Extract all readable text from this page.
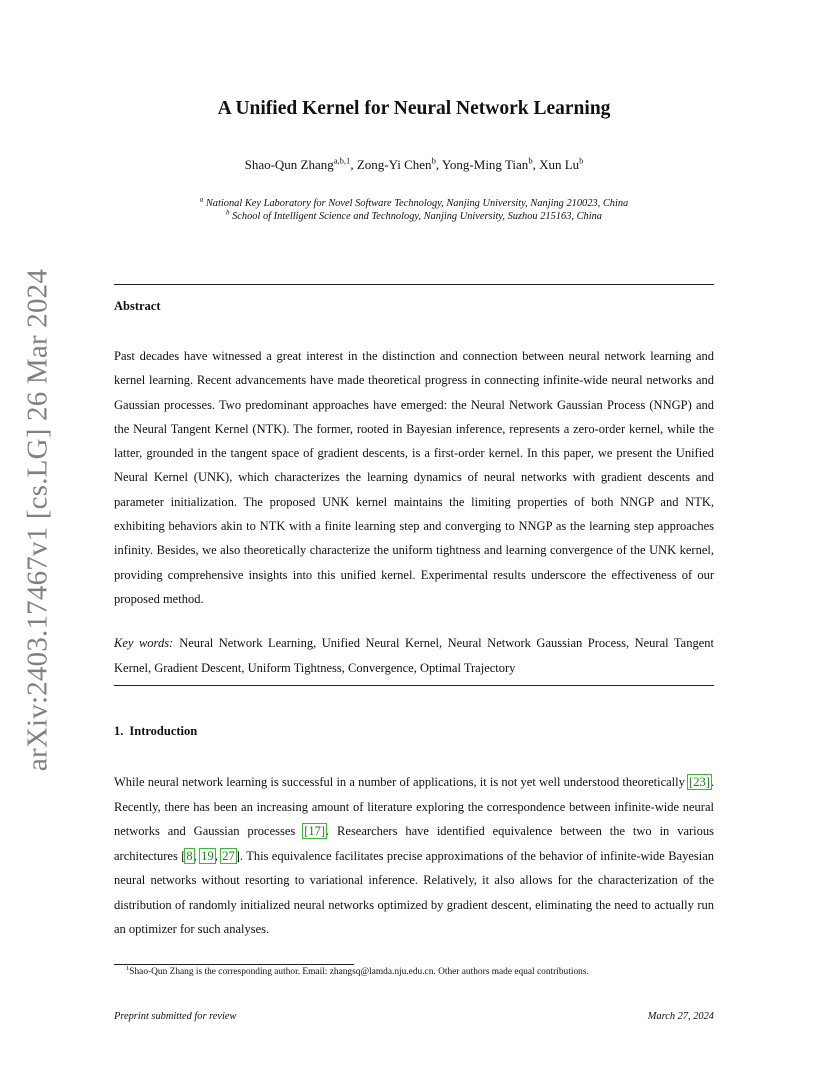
arXiv:2403.17467v1 [cs.LG] 26 Mar 2024
A Unified Kernel for Neural Network Learning
Shao-Qun Zhang$^{a,b,1}$, Zong-Yi Chen$^b$, Yong-Ming Tian$^b$, Xun Lu$^b$
$^a$ National Key Laboratory for Novel Software Technology, Nanjing University, Nanjing 210023, China
$^b$ School of Intelligent Science and Technology, Nanjing University, Suzhou 215163, China
Abstract
Past decades have witnessed a great interest in the distinction and connection between neural network learning and kernel learning. Recent advancements have made theoretical progress in connecting infinite-wide neural networks and Gaussian processes. Two predominant approaches have emerged: the Neural Network Gaussian Process (NNGP) and the Neural Tangent Kernel (NTK). The former, rooted in Bayesian inference, represents a zero-order kernel, while the latter, grounded in the tangent space of gradient descents, is a first-order kernel. In this paper, we present the Unified Neural Kernel (UNK), which characterizes the learning dynamics of neural networks with gradient descents and parameter initialization. The proposed UNK kernel maintains the limiting properties of both NNGP and NTK, exhibiting behaviors akin to NTK with a finite learning step and converging to NNGP as the learning step approaches infinity. Besides, we also theoretically characterize the uniform tightness and learning convergence of the UNK kernel, providing comprehensive insights into this unified kernel. Experimental results underscore the effectiveness of our proposed method.
Key words: Neural Network Learning, Unified Neural Kernel, Neural Network Gaussian Process, Neural Tangent Kernel, Gradient Descent, Uniform Tightness, Convergence, Optimal Trajectory
1. Introduction
While neural network learning is successful in a number of applications, it is not yet well understood theoretically [23]. Recently, there has been an increasing amount of literature exploring the correspondence between infinite-wide neural networks and Gaussian processes [17]. Researchers have identified equivalence between the two in various architectures [8, 19, 27]. This equivalence facilitates precise approximations of the behavior of infinite-wide Bayesian neural networks without resorting to variational inference. Relatively, it also allows for the characterization of the distribution of randomly initialized neural networks optimized by gradient descent, eliminating the need to actually run an optimizer for such analyses.
$^1$Shao-Qun Zhang is the corresponding author. Email: zhangsq@lamda.nju.edu.cn. Other authors made equal contributions.
Preprint submitted for review	March 27, 2024
